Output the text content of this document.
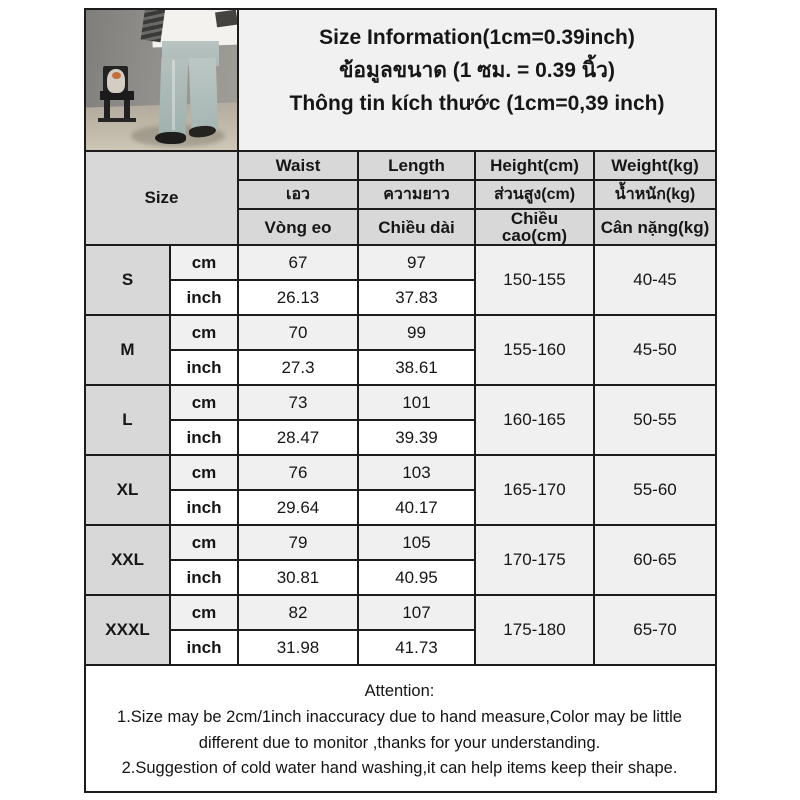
		Size Information(1cm=0.39inch)
ข้อมูลขนาด (1 ซม. = 0.39 นิ้ว)
Thông tin kích thước (1cm=0,39 inch)			

Size		Waist	Length	Height(cm)	Weight(kg)
		เอว	ความยาว	ส่วนสูง(cm)	น้ำหนัก(kg)
		Vòng eo	Chiều dài	Chiều cao(cm)	Cân nặng(kg)
S	cm	67	97	150-155	40-45
	inch	26.13	37.83		
M	cm	70	99	155-160	45-50
	inch	27.3	38.61		
L	cm	73	101	160-165	50-55
	inch	28.47	39.39		
XL	cm	76	103	165-170	55-60
	inch	29.64	40.17		
XXL	cm	79	105	170-175	60-65
	inch	30.81	40.95		
XXXL	cm	82	107	175-180	65-70
	inch	31.98	41.73		

Attention:
1.Size may be 2cm/1inch inaccuracy due to hand measure,Color may be little different due to monitor ,thanks for your understanding.
2.Suggestion of cold water hand washing,it can help items keep their shape.					
